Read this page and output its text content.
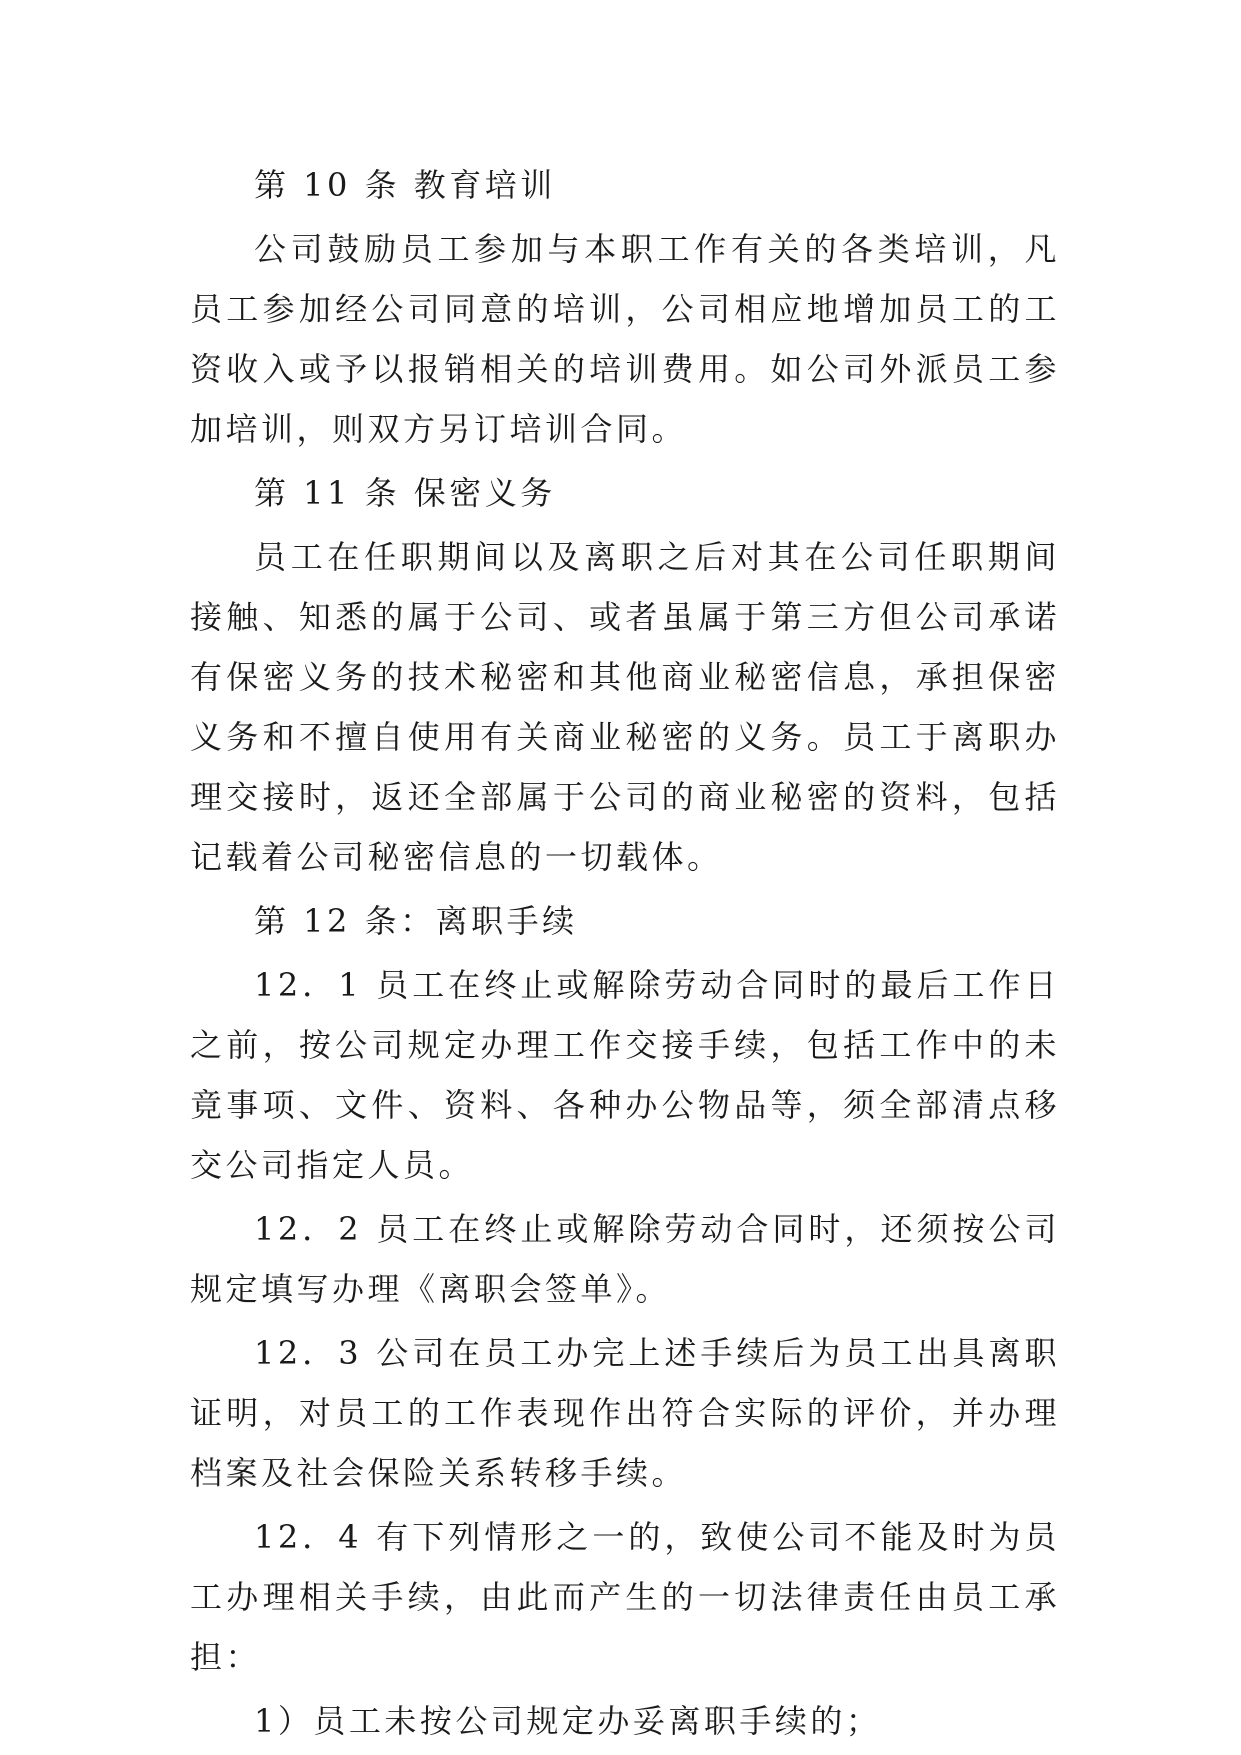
第 10 条 教育培训

公司鼓励员工参加与本职工作有关的各类培训，凡员工参加经公司同意的培训，公司相应地增加员工的工资收入或予以报销相关的培训费用。如公司外派员工参加培训，则双方另订培训合同。

第 11 条 保密义务

员工在任职期间以及离职之后对其在公司任职期间接触、知悉的属于公司、或者虽属于第三方但公司承诺有保密义务的技术秘密和其他商业秘密信息，承担保密义务和不擅自使用有关商业秘密的义务。员工于离职办理交接时，返还全部属于公司的商业秘密的资料，包括记载着公司秘密信息的一切载体。

第 12 条：离职手续

12．1 员工在终止或解除劳动合同时的最后工作日之前，按公司规定办理工作交接手续，包括工作中的未竟事项、文件、资料、各种办公物品等，须全部清点移交公司指定人员。

12．2 员工在终止或解除劳动合同时，还须按公司规定填写办理《离职会签单》。

12．3 公司在员工办完上述手续后为员工出具离职证明，对员工的工作表现作出符合实际的评价，并办理档案及社会保险关系转移手续。

12．4 有下列情形之一的，致使公司不能及时为员工办理相关手续，由此而产生的一切法律责任由员工承担：

1）员工未按公司规定办妥离职手续的；
